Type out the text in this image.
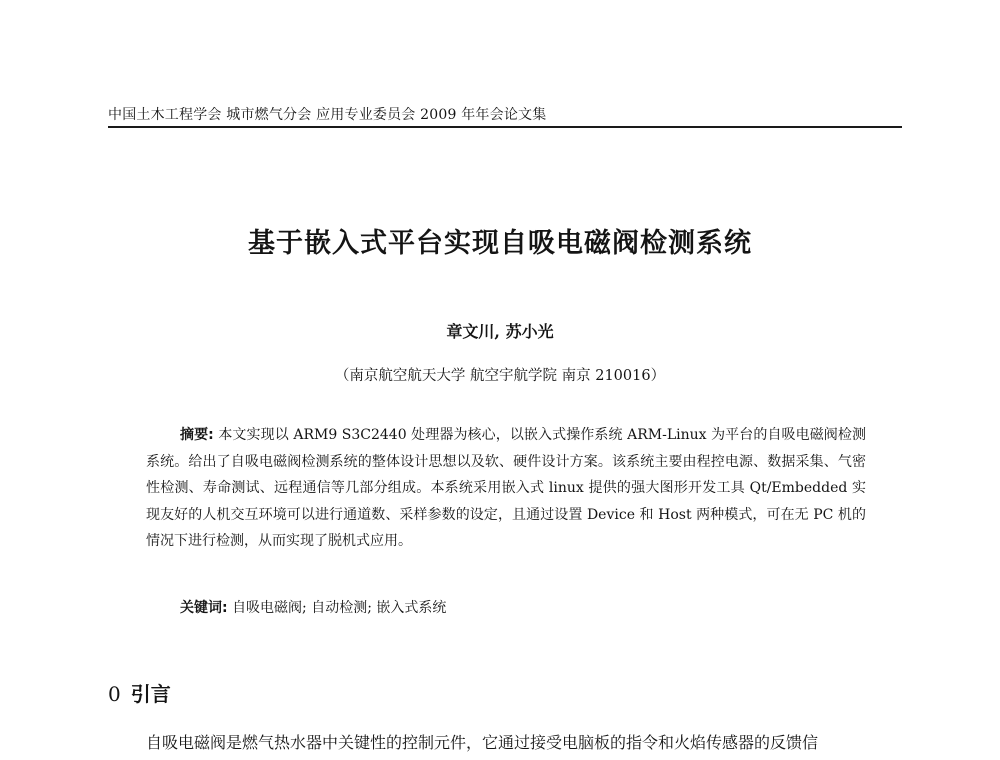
中国土木工程学会 城市燃气分会 应用专业委员会 2009 年年会论文集
基于嵌入式平台实现自吸电磁阀检测系统
章文川, 苏小光
（南京航空航天大学 航空宇航学院 南京 210016）

摘要: 本文实现以 ARM9 S3C2440 处理器为核心，以嵌入式操作系统 ARM-Linux 为平台的自吸电磁阀检测系统。给出了自吸电磁阀检测系统的整体设计思想以及软、硬件设计方案。该系统主要由程控电源、数据采集、气密性检测、寿命测试、远程通信等几部分组成。本系统采用嵌入式 linux 提供的强大图形开发工具 Qt/Embedded 实现友好的人机交互环境可以进行通道数、采样参数的设定，且通过设置 Device 和 Host 两种模式，可在无 PC 机的情况下进行检测，从而实现了脱机式应用。

关键词: 自吸电磁阀; 自动检测; 嵌入式系统
0 引言
自吸电磁阀是燃气热水器中关键性的控制元件，它通过接受电脑板的指令和火焰传感器的反馈信
